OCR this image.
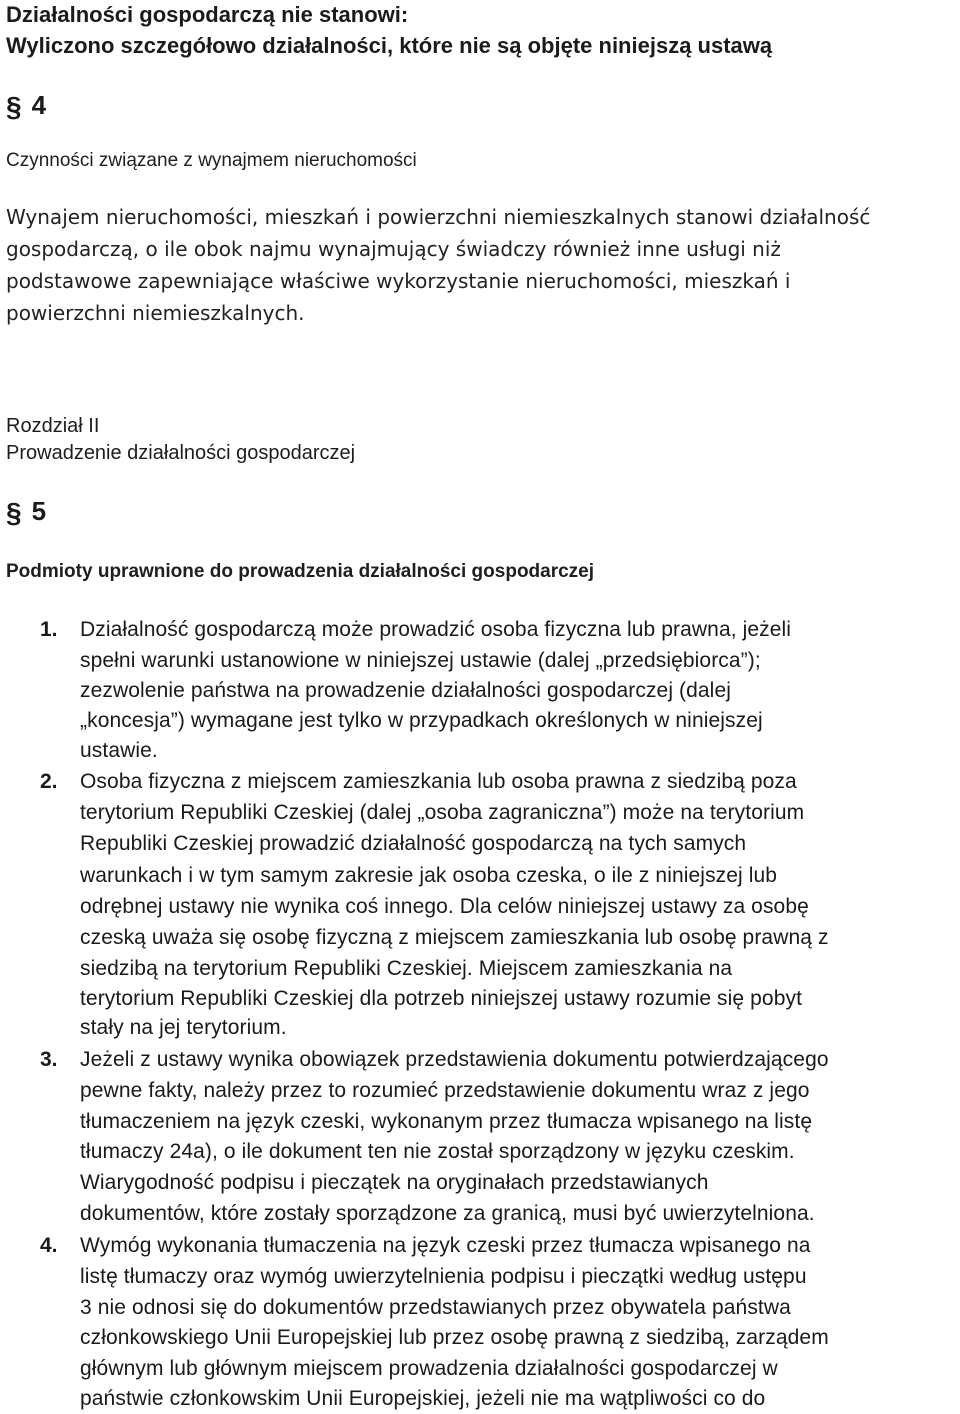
Działalności gospodarczą nie stanowi:

Wyliczono szczegółowo działalności, które nie są objęte niniejszą ustawą

§ 4

Czynności związane z wynajmem nieruchomości

Wynajem nieruchomości, mieszkań i powierzchni niemieszkalnych stanowi działalność

gospodarczą, o ile obok najmu wynajmujący świadczy również inne usługi niż

podstawowe zapewniające właściwe wykorzystanie nieruchomości, mieszkań i

powierzchni niemieszkalnych.

Rozdział II

Prowadzenie działalności gospodarczej

§ 5

Podmioty uprawnione do prowadzenia działalności gospodarczej

1. Działalność gospodarczą może prowadzić osoba fizyczna lub prawna, jeżeli

spełni warunki ustanowione w niniejszej ustawie (dalej „przedsiębiorca”);

zezwolenie państwa na prowadzenie działalności gospodarczej (dalej

„koncesja”) wymagane jest tylko w przypadkach określonych w niniejszej

ustawie.

2. Osoba fizyczna z miejscem zamieszkania lub osoba prawna z siedzibą poza

terytorium Republiki Czeskiej (dalej „osoba zagraniczna”) może na terytorium

Republiki Czeskiej prowadzić działalność gospodarczą na tych samych

warunkach i w tym samym zakresie jak osoba czeska, o ile z niniejszej lub

odrębnej ustawy nie wynika coś innego. Dla celów niniejszej ustawy za osobę

czeską uważa się osobę fizyczną z miejscem zamieszkania lub osobę prawną z

siedzibą na terytorium Republiki Czeskiej. Miejscem zamieszkania na

terytorium Republiki Czeskiej dla potrzeb niniejszej ustawy rozumie się pobyt

stały na jej terytorium.

3. Jeżeli z ustawy wynika obowiązek przedstawienia dokumentu potwierdzającego

pewne fakty, należy przez to rozumieć przedstawienie dokumentu wraz z jego

tłumaczeniem na język czeski, wykonanym przez tłumacza wpisanego na listę

tłumaczy 24a), o ile dokument ten nie został sporządzony w języku czeskim.

Wiarygodność podpisu i pieczątek na oryginałach przedstawianych

dokumentów, które zostały sporządzone za granicą, musi być uwierzytelniona.

4. Wymóg wykonania tłumaczenia na język czeski przez tłumacza wpisanego na

listę tłumaczy oraz wymóg uwierzytelnienia podpisu i pieczątki według ustępu

3 nie odnosi się do dokumentów przedstawianych przez obywatela państwa

członkowskiego Unii Europejskiej lub przez osobę prawną z siedzibą, zarządem

głównym lub głównym miejscem prowadzenia działalności gospodarczej w

państwie członkowskim Unii Europejskiej, jeżeli nie ma wątpliwości co do
